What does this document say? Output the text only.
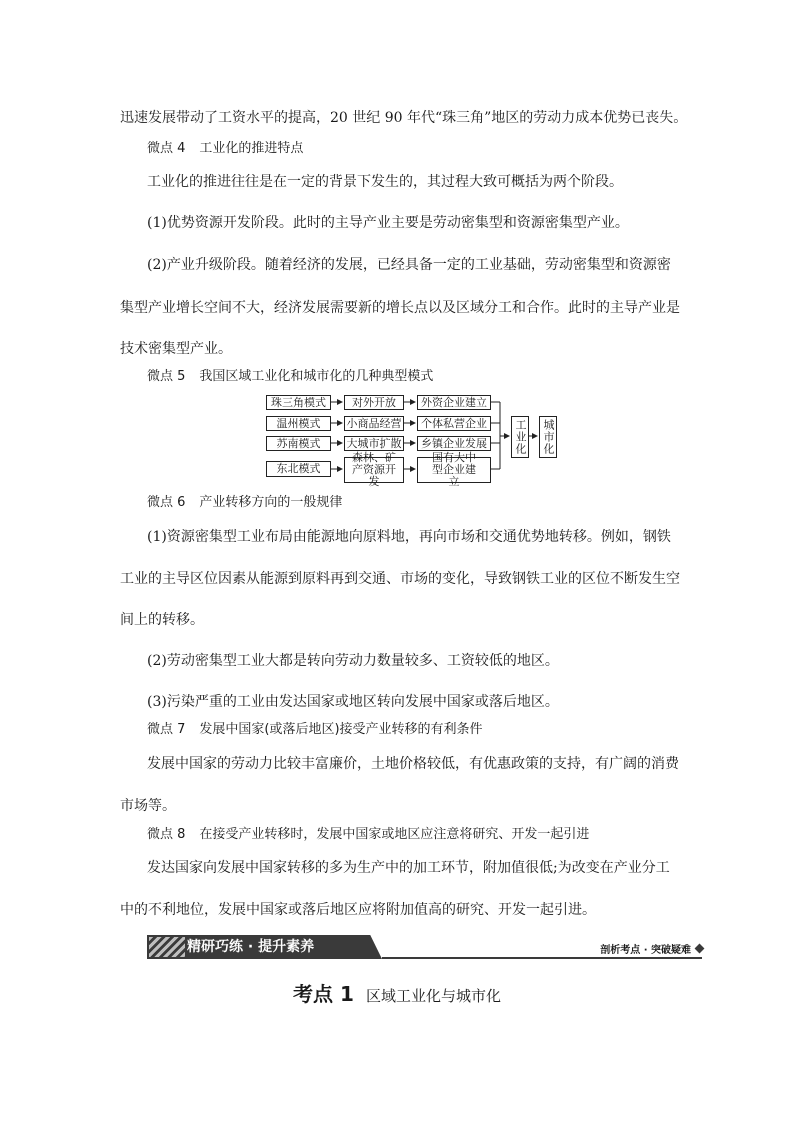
迅速发展带动了工资水平的提高，20 世纪 90 年代“珠三角”地区的劳动力成本优势已丧失。
微点 4 工业化的推进特点
工业化的推进往往是在一定的背景下发生的，其过程大致可概括为两个阶段。
(1)优势资源开发阶段。此时的主导产业主要是劳动密集型和资源密集型产业。
(2)产业升级阶段。随着经济的发展，已经具备一定的工业基础，劳动密集型和资源密
集型产业增长空间不大，经济发展需要新的增长点以及区域分工和合作。此时的主导产业是
技术密集型产业。
微点 5 我国区域工业化和城市化的几种典型模式
珠三角模式
温州模式
苏南模式
东北模式
对外开放
小商品经营
大城市扩散
森林、矿产资源开发
外资企业建立
个体私营企业
乡镇企业发展
国有大中型企业建立
工业化 城市化
微点 6 产业转移方向的一般规律
(1)资源密集型工业布局由能源地向原料地，再向市场和交通优势地转移。例如，钢铁
工业的主导区位因素从能源到原料再到交通、市场的变化，导致钢铁工业的区位不断发生空
间上的转移。
(2)劳动密集型工业大都是转向劳动力数量较多、工资较低的地区。
(3)污染严重的工业由发达国家或地区转向发展中国家或落后地区。
微点 7 发展中国家(或落后地区)接受产业转移的有利条件
发展中国家的劳动力比较丰富廉价，土地价格较低，有优惠政策的支持，有广阔的消费
市场等。
微点 8 在接受产业转移时，发展中国家或地区应注意将研究、开发一起引进
发达国家向发展中国家转移的多为生产中的加工环节，附加值很低;为改变在产业分工
中的不利地位，发展中国家或落后地区应将附加值高的研究、开发一起引进。
精研巧练 · 提升素养	剖析考点 · 突破疑难
考点 1 区域工业化与城市化
